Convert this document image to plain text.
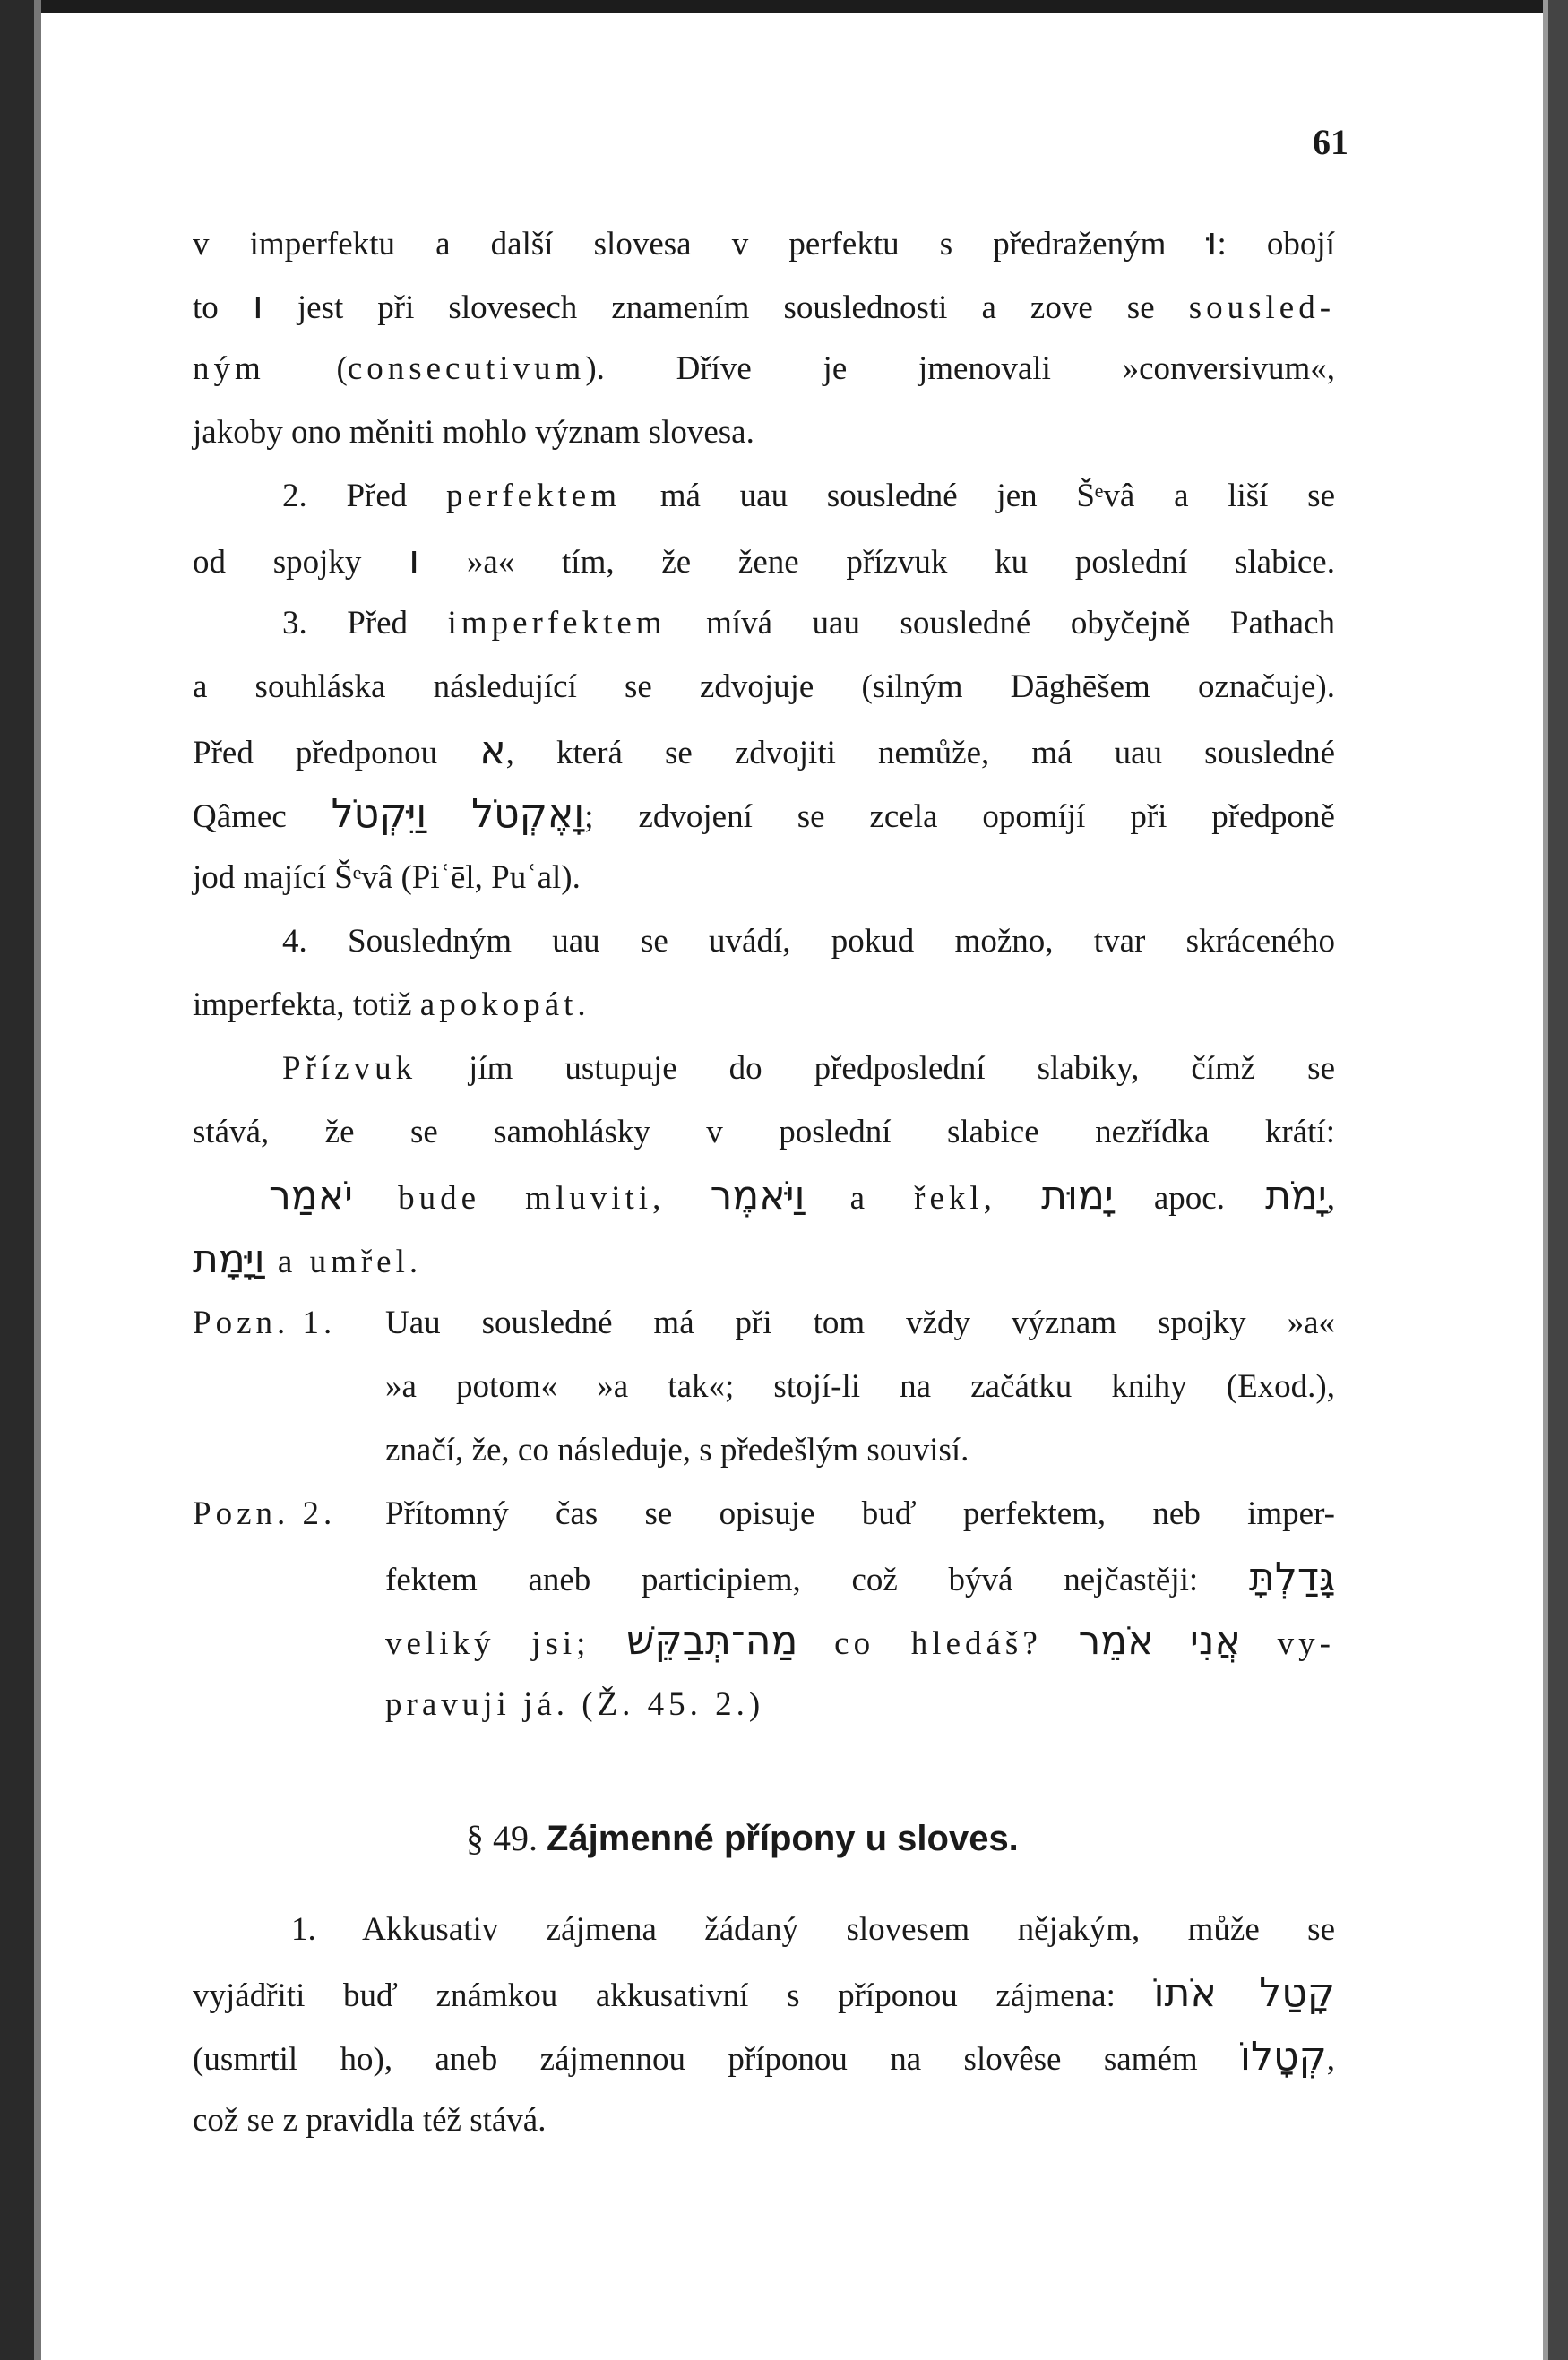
61
v imperfektu a další slovesa v perfektu s předraženým וּ: obojí
to ו jest při slovesech znamením souslednosti a zove se sousled-
ným (consecutivum). Dříve je jmenovali »conversivum«,
jakoby ono měniti mohlo význam slovesa.
2. Před perfektem má uau sousledné jen Šᵉvâ a liší se
od spojky ו »a« tím, že žene přízvuk ku poslední slabice.
3. Před imperfektem mívá uau sousledné obyčejně Pathach
a souhláska následující se zdvojuje (silným Dāghēšem označuje).
Před předponou א, která se zdvojiti nemůže, má uau sousledné
Qâmec וַיִּקְטֹל וָאֶקְטֹל; zdvojení se zcela opomíjí při předponě
jod mající Šᵉvâ (Piʿēl, Puʿal).
4. Sousledným uau se uvádí, pokud možno, tvar skráceného
imperfekta, totiž apokopát.
Přízvuk jím ustupuje do předposlední slabiky, čímž se
stává, že se samohlásky v poslední slabice nezřídka krátí:
יֹאמַר bude mluviti, וַיֹּאמֶר a řekl, יָמוּת apoc. יָמֹת,
וַיָּמָת a umřel.
Pozn. 1.	Uau sousledné má při tom vždy význam spojky »a«
»a potom« »a tak«; stojí-li na začátku knihy (Exod.),
značí, že, co následuje, s předešlým souvisí.
Pozn. 2.	Přítomný čas se opisuje buď perfektem, neb imper-
fektem aneb participiem, což bývá nejčastěji: גָּדַלְתָּ
veliký jsi; מַה־תְּבַקֵּשׁ co hledáš? אֲנִי אֹמֵר vy-
pravuji já. (Ž. 45. 2.)
§ 49. Zájmenné přípony u sloves.
1. Akkusativ zájmena žádaný slovesem nějakým, může se
vyjádřiti buď známkou akkusativní s příponou zájmena: קָטַל אֹתוֹ
(usmrtil ho), aneb zájmennou příponou na slovêse samém קְטָלוֹ,
což se z pravidla též stává.
